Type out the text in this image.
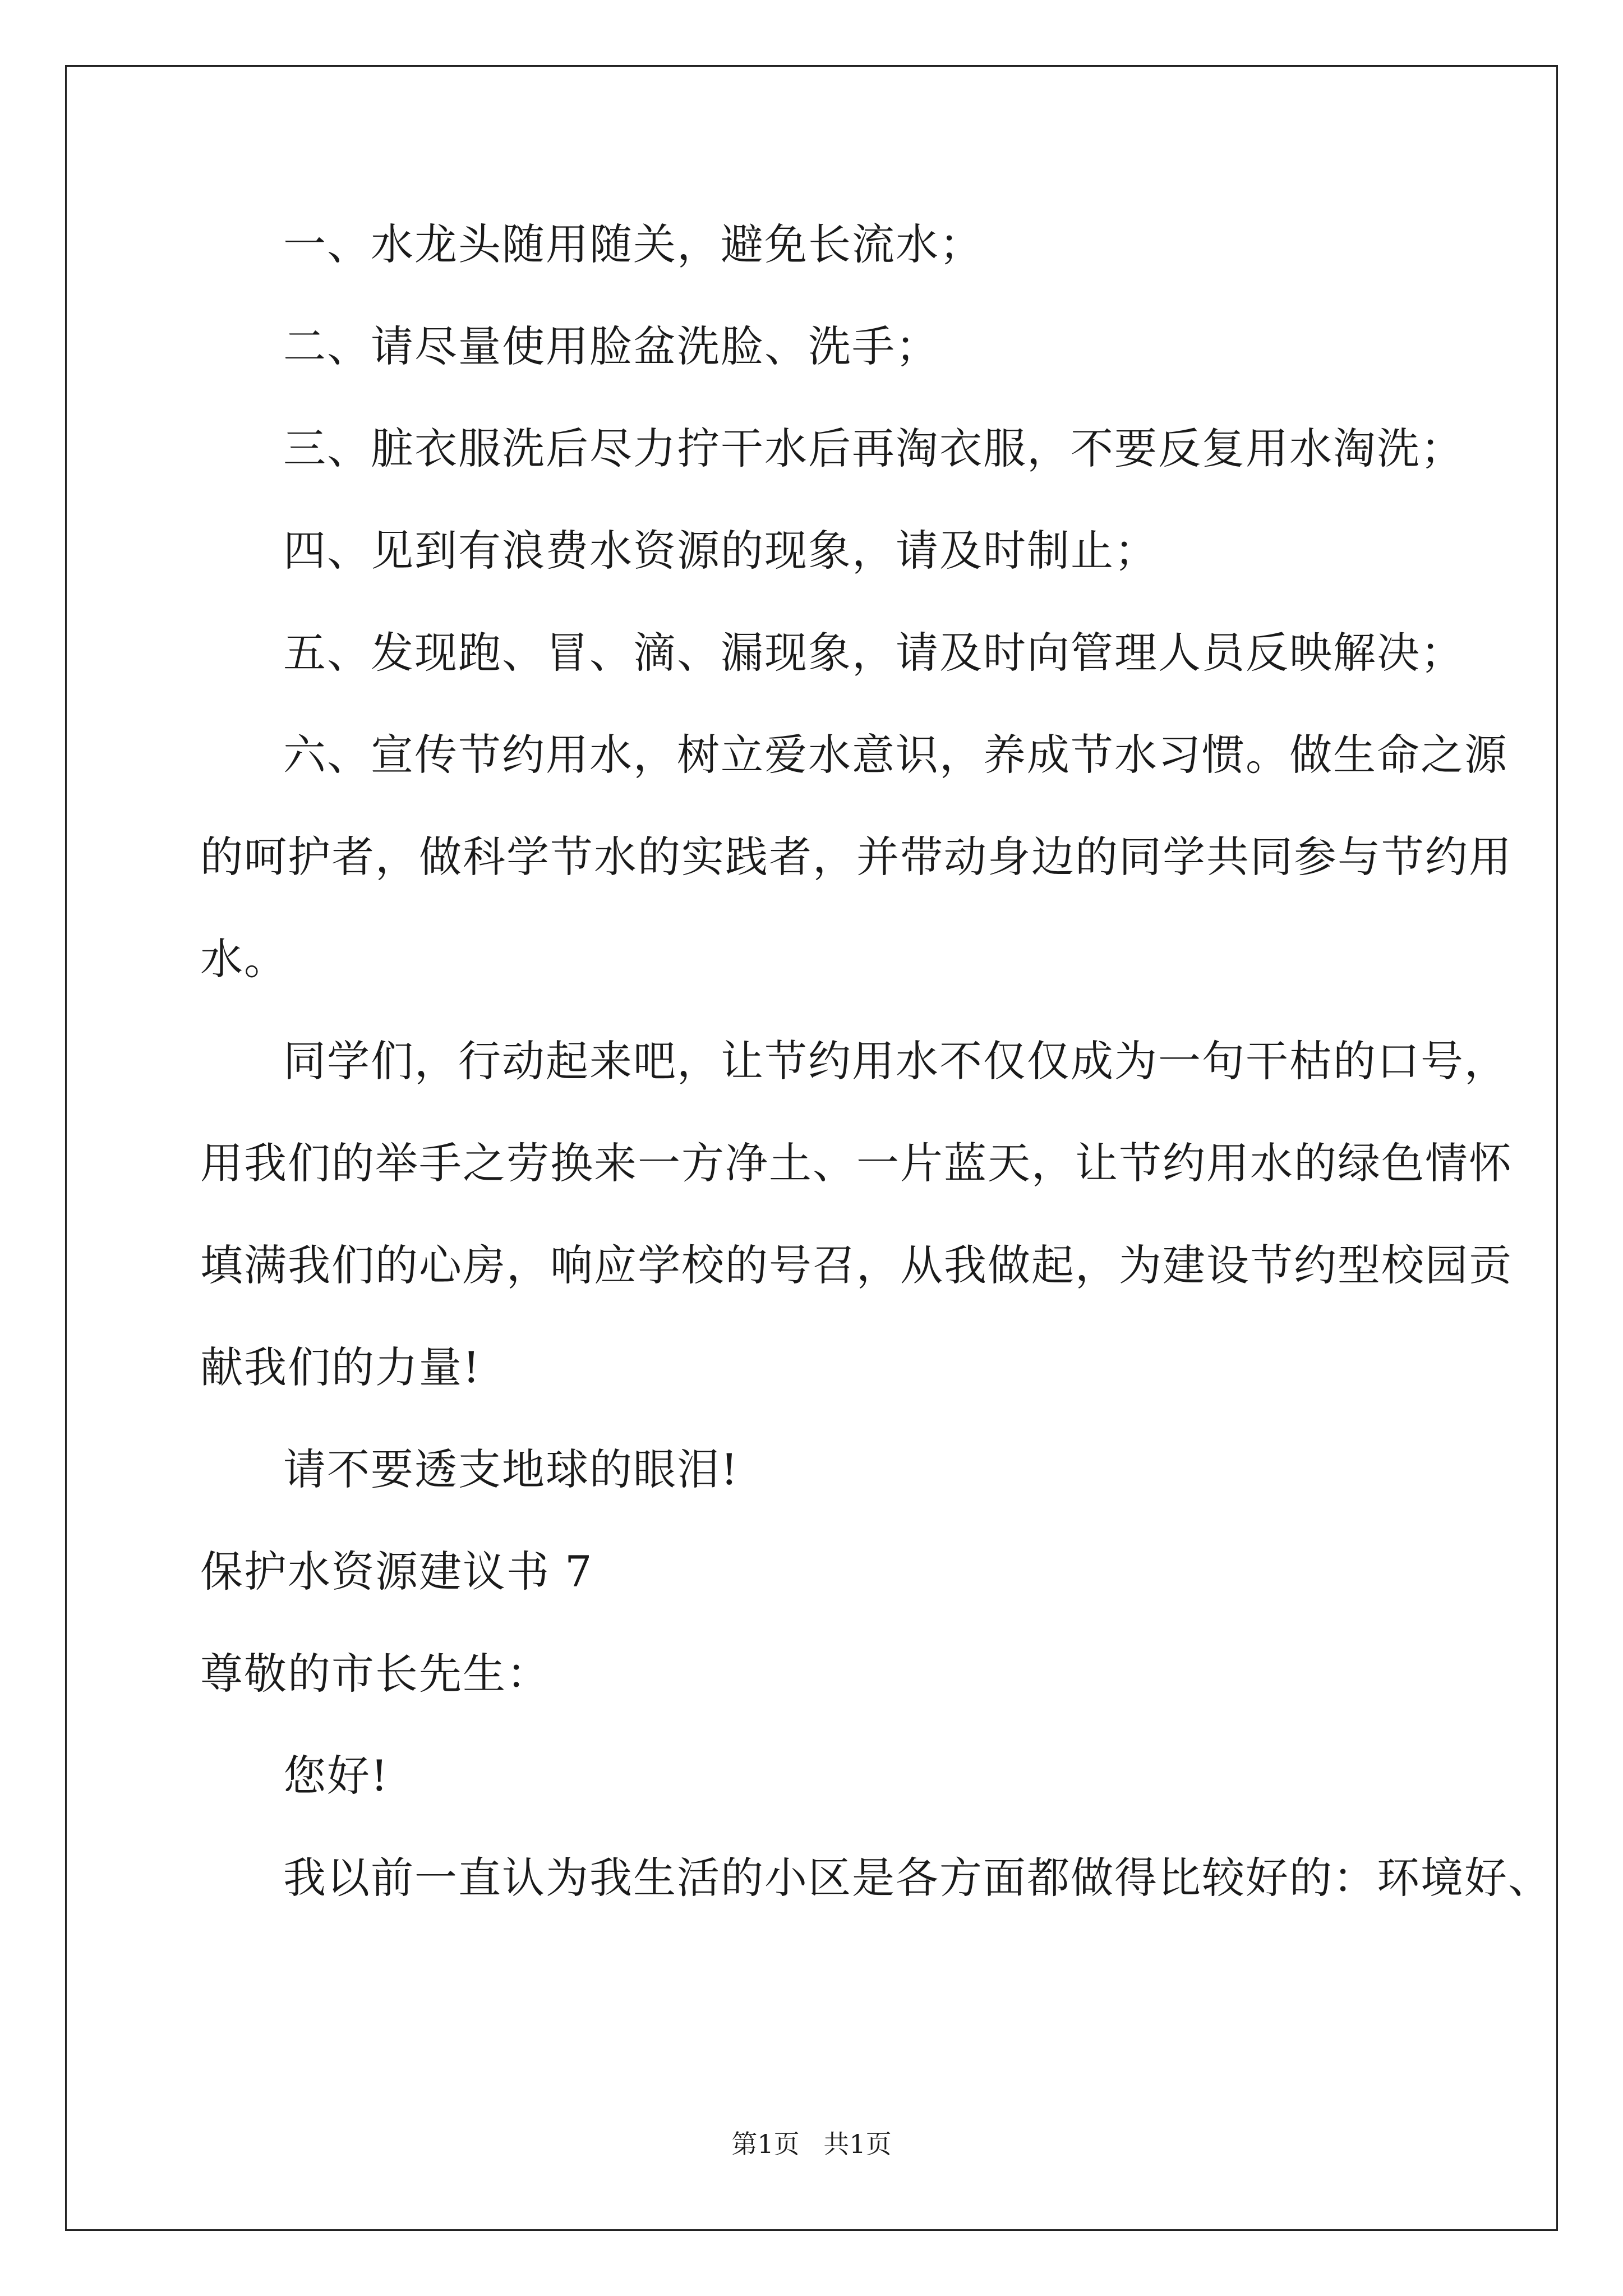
一、水龙头随用随关，避免长流水；
二、请尽量使用脸盆洗脸、洗手；
三、脏衣服洗后尽力拧干水后再淘衣服，不要反复用水淘洗；
四、见到有浪费水资源的现象，请及时制止；
五、发现跑、冒、滴、漏现象，请及时向管理人员反映解决；
六、宣传节约用水，树立爱水意识，养成节水习惯。做生命之源
的呵护者，做科学节水的实践者，并带动身边的同学共同参与节约用
水。
同学们，行动起来吧，让节约用水不仅仅成为一句干枯的口号，
用我们的举手之劳换来一方净土、一片蓝天，让节约用水的绿色情怀
填满我们的心房，响应学校的号召，从我做起，为建设节约型校园贡
献我们的力量!
请不要透支地球的眼泪!
保护水资源建议书 7
尊敬的市长先生：
您好!
我以前一直认为我生活的小区是各方面都做得比较好的：环境好、
第1页 共1页
